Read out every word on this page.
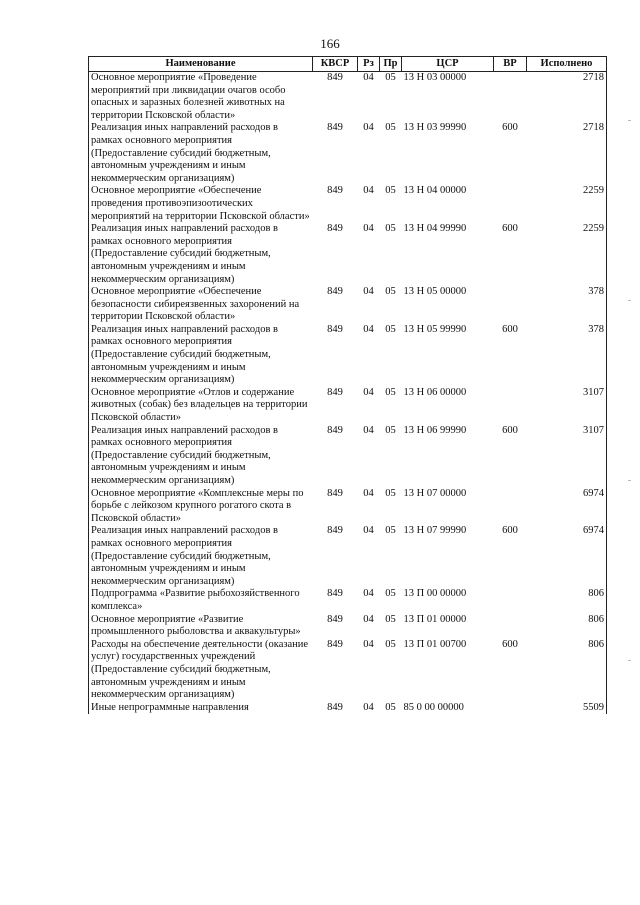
166
Наименование	КВСР	Рз	Пр	ЦСР	ВР	Исполнено
Основное мероприятие «Проведение мероприятий при ликвидации очагов особо опасных и заразных болезней животных на территории Псковской области»	849	04	05	13 Н 03 00000		2718
Реализация иных направлений расходов в рамках основного мероприятия (Предоставление субсидий бюджетным, автономным учреждениям и иным некоммерческим организациям)	849	04	05	13 Н 03 99990	600	2718
Основное мероприятие «Обеспечение проведения противоэпизоотических мероприятий на территории Псковской области»	849	04	05	13 Н 04 00000		2259
Реализация иных направлений расходов в рамках основного мероприятия (Предоставление субсидий бюджетным, автономным учреждениям и иным некоммерческим организациям)	849	04	05	13 Н 04 99990	600	2259
Основное мероприятие «Обеспечение безопасности сибиреязвенных захоронений на территории Псковской области»	849	04	05	13 Н 05 00000		378
Реализация иных направлений расходов в рамках основного мероприятия (Предоставление субсидий бюджетным, автономным учреждениям и иным некоммерческим организациям)	849	04	05	13 Н 05 99990	600	378
Основное мероприятие «Отлов и содержание животных (собак) без владельцев на территории Псковской области»	849	04	05	13 Н 06 00000		3107
Реализация иных направлений расходов в рамках основного мероприятия (Предоставление субсидий бюджетным, автономным учреждениям и иным некоммерческим организациям)	849	04	05	13 Н 06 99990	600	3107
Основное мероприятие «Комплексные меры по борьбе с лейкозом крупного рогатого скота в Псковской области»	849	04	05	13 Н 07 00000		6974
Реализация иных направлений расходов в рамках основного мероприятия (Предоставление субсидий бюджетным, автономным учреждениям и иным некоммерческим организациям)	849	04	05	13 Н 07 99990	600	6974
Подпрограмма «Развитие рыбохозяйственного комплекса»	849	04	05	13 П 00 00000		806
Основное мероприятие «Развитие промышленного рыболовства и аквакультуры»	849	04	05	13 П 01 00000		806
Расходы на обеспечение деятельности (оказание услуг) государственных учреждений (Предоставление субсидий бюджетным, автономным учреждениям и иным некоммерческим организациям)	849	04	05	13 П 01 00700	600	806
Иные непрограммные направления	849	04	05	85 0 00 00000		5509
